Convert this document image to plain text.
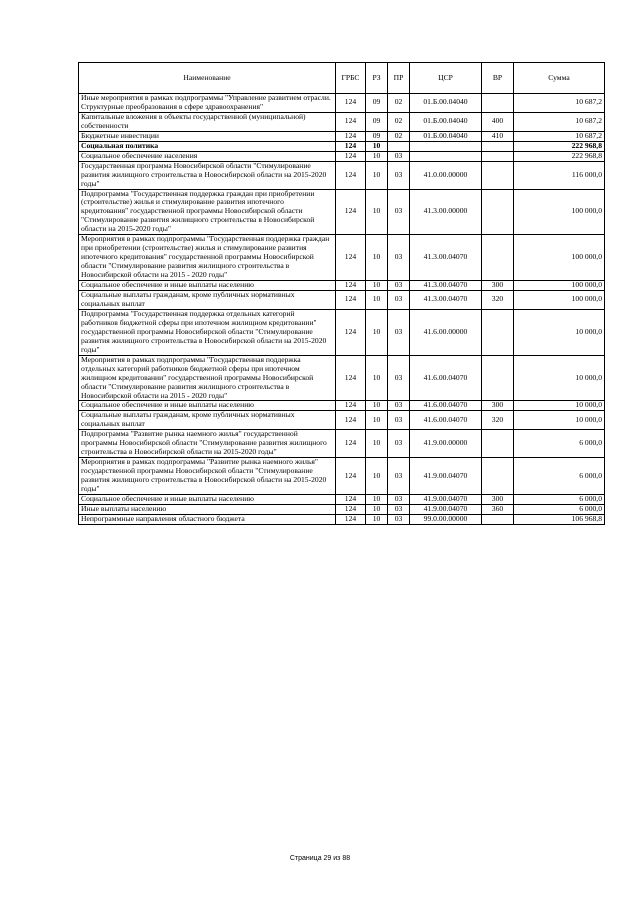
Наименование	ГРБС	РЗ	ПР	ЦСР	ВР	Сумма
Иные мероприятия в рамках подпрограммы "Управление развитием отрасли. Структурные преобразования в сфере здравоохранения"	124	09	02	01.Б.00.04040		10 687,2
Капитальные вложения в объекты государственной (муниципальной) собственности	124	09	02	01.Б.00.04040	400	10 687,2
Бюджетные инвестиции	124	09	02	01.Б.00.04040	410	10 687,2
Социальная политика	124	10				222 968,8
Социальное обеспечение населения	124	10	03			222 968,8
Государственная программа Новосибирской области "Стимулирование развития жилищного строительства в Новосибирской области на 2015-2020 годы"	124	10	03	41.0.00.00000		116 000,0
Подпрограмма "Государственная поддержка граждан при приобретении (строительстве) жилья и стимулирование развития ипотечного кредитования" государственной программы Новосибирской области "Стимулирование развития жилищного строительства в Новосибирской области на 2015-2020 годы"	124	10	03	41.3.00.00000		100 000,0
Мероприятия в рамках подпрограммы "Государственная поддержка граждан при приобретении (строительстве) жилья и стимулирование развития ипотечного кредитования" государственной программы Новосибирской области "Стимулирование развития жилищного строительства в Новосибирской области на 2015 - 2020 годы"	124	10	03	41.3.00.04070		100 000,0
Социальное обеспечение и иные выплаты населению	124	10	03	41.3.00.04070	300	100 000,0
Социальные выплаты гражданам, кроме публичных нормативных социальных выплат	124	10	03	41.3.00.04070	320	100 000,0
Подпрограмма "Государственная поддержка отдельных категорий работников бюджетной сферы при ипотечном жилищном кредитовании" государственной программы Новосибирской области "Стимулирование развития жилищного строительства в Новосибирской области на 2015-2020 годы"	124	10	03	41.6.00.00000		10 000,0
Мероприятия в рамках подпрограммы "Государственная поддержка отдельных категорий работников бюджетной сферы при ипотечном жилищном кредитовании" государственной программы Новосибирской области "Стимулирование развития жилищного строительства в Новосибирской области на 2015 - 2020 годы"	124	10	03	41.6.00.04070		10 000,0
Социальное обеспечение и иные выплаты населению	124	10	03	41.6.00.04070	300	10 000,0
Социальные выплаты гражданам, кроме публичных нормативных социальных выплат	124	10	03	41.6.00.04070	320	10 000,0
Подпрограмма "Развитие рынка наемного жилья" государственной программы Новосибирской области "Стимулирование развития жилищного строительства в Новосибирской области на 2015-2020 годы"	124	10	03	41.9.00.00000		6 000,0
Мероприятия в рамках подпрограммы "Развитие рынка наемного жилья" государственной программы Новосибирской области "Стимулирование развития жилищного строительства в Новосибирской области на 2015-2020 годы"	124	10	03	41.9.00.04070		6 000,0
Социальное обеспечение и иные выплаты населению	124	10	03	41.9.00.04070	300	6 000,0
Иные выплаты населению	124	10	03	41.9.00.04070	360	6 000,0
Непрограммные направления областного бюджета	124	10	03	99.0.00.00000		106 968,8
Страница 29 из 88
